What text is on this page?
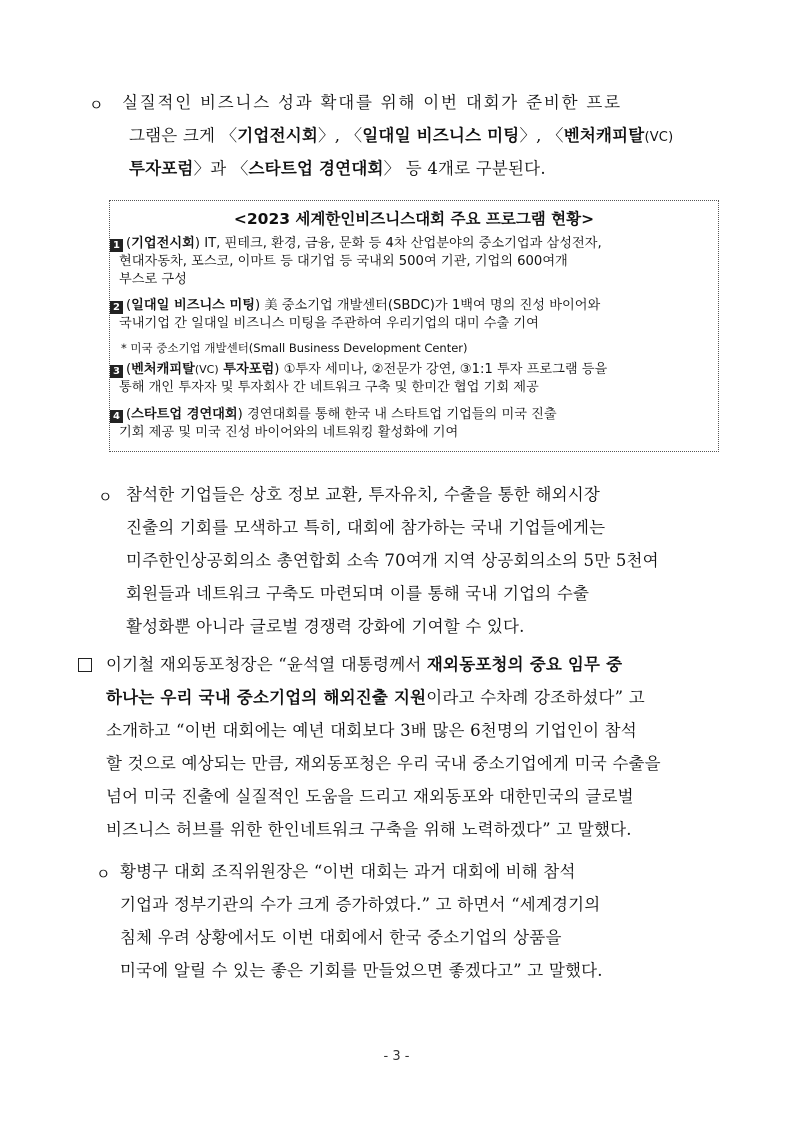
ㅇ 실질적인 비즈니스 성과 확대를 위해 이번 대회가 준비한 프로
그램은 크게 〈기업전시회〉, 〈일대일 비즈니스 미팅〉, 〈벤처캐피탈(VC)
투자포럼〉과 〈스타트업 경연대회〉 등 4개로 구분된다.
<2023 세계한인비즈니스대회 주요 프로그램 현황>
1 (기업전시회) IT, 핀테크, 환경, 금융, 문화 등 4차 산업분야의 중소기업과 삼성전자,
현대자동차, 포스코, 이마트 등 대기업 등 국내외 500여 기관, 기업의 600여개
부스로 구성
2 (일대일 비즈니스 미팅) 美 중소기업 개발센터(SBDC)가 1백여 명의 진성 바이어와
국내기업 간 일대일 비즈니스 미팅을 주관하여 우리기업의 대미 수출 기여
* 미국 중소기업 개발센터(Small Business Development Center)
3 (벤처캐피탈(VC) 투자포럼) ①투자 세미나, ②전문가 강연, ③1:1 투자 프로그램 등을
통해 개인 투자자 및 투자회사 간 네트워크 구축 및 한미간 협업 기회 제공
4 (스타트업 경연대회) 경연대회를 통해 한국 내 스타트업 기업들의 미국 진출
기회 제공 및 미국 진성 바이어와의 네트워킹 활성화에 기여
ㅇ 참석한 기업들은 상호 정보 교환, 투자유치, 수출을 통한 해외시장
진출의 기회를 모색하고 특히, 대회에 참가하는 국내 기업들에게는
미주한인상공회의소 총연합회 소속 70여개 지역 상공회의소의 5만 5천여
회원들과 네트워크 구축도 마련되며 이를 통해 국내 기업의 수출
활성화뿐 아니라 글로벌 경쟁력 강화에 기여할 수 있다.
이기철 재외동포청장은 “윤석열 대통령께서 재외동포청의 중요 임무 중
하나는 우리 국내 중소기업의 해외진출 지원이라고 수차례 강조하셨다” 고
소개하고 “이번 대회에는 예년 대회보다 3배 많은 6천명의 기업인이 참석
할 것으로 예상되는 만큼, 재외동포청은 우리 국내 중소기업에게 미국 수출을
넘어 미국 진출에 실질적인 도움을 드리고 재외동포와 대한민국의 글로벌
비즈니스 허브를 위한 한인네트워크 구축을 위해 노력하겠다” 고 말했다.
ㅇ 황병구 대회 조직위원장은 “이번 대회는 과거 대회에 비해 참석
기업과 정부기관의 수가 크게 증가하였다.” 고 하면서 “세계경기의
침체 우려 상황에서도 이번 대회에서 한국 중소기업의 상품을
미국에 알릴 수 있는 좋은 기회를 만들었으면 좋겠다고” 고 말했다.
- 3 -
